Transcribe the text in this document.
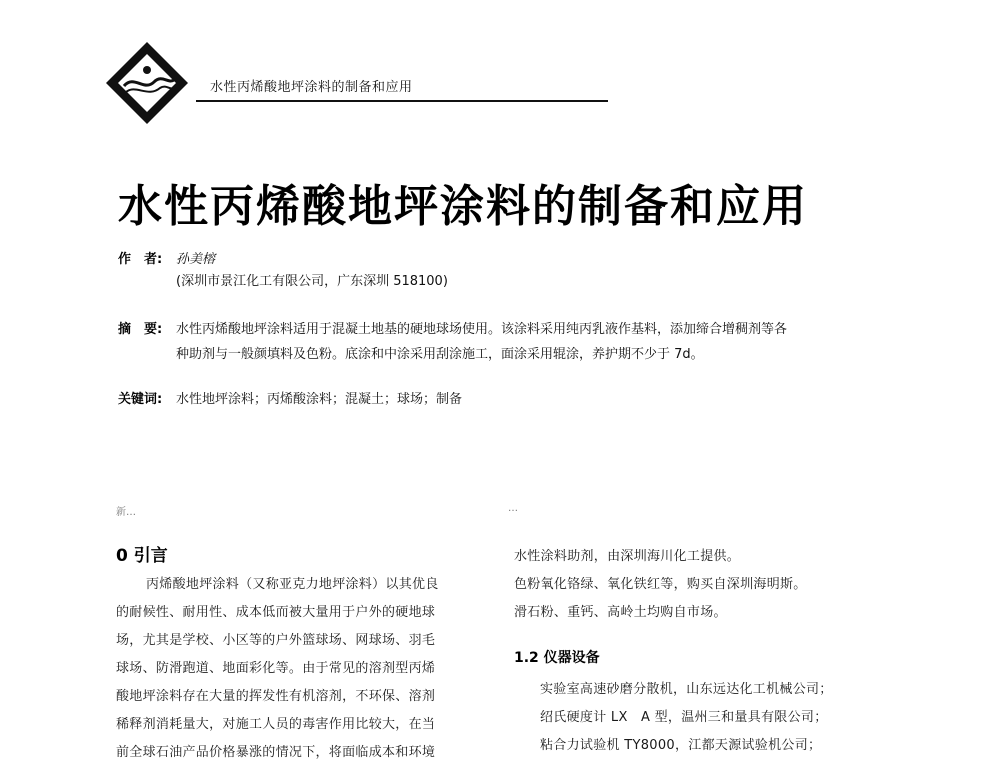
水性丙烯酸地坪涂料的制备和应用
水性丙烯酸地坪涂料的制备和应用
作　者: 孙美榕
(深圳市景江化工有限公司，广东深圳 518100)
摘　要: 水性丙烯酸地坪涂料适用于混凝土地基的硬地球场使用。该涂料采用纯丙乳液作基料，添加缔合增稠剂等各
种助剂与一般颜填料及色粉。底涂和中涂采用刮涂施工，面涂采用辊涂，养护期不少于 7d。
关键词: 水性地坪涂料；丙烯酸涂料；混凝土；球场；制备
新…	…
0 引言
丙烯酸地坪涂料（又称亚克力地坪涂料）以其优良
的耐候性、耐用性、成本低而被大量用于户外的硬地球
场，尤其是学校、小区等的户外篮球场、网球场、羽毛
球场、防滑跑道、地面彩化等。由于常见的溶剂型丙烯
酸地坪涂料存在大量的挥发性有机溶剂，不环保、溶剂
稀释剂消耗量大，对施工人员的毒害作用比较大，在当
前全球石油产品价格暴涨的情况下，将面临成本和环境
水性涂料助剂，由深圳海川化工提供。
色粉氧化铬绿、氧化铁红等，购买自深圳海明斯。
滑石粉、重钙、高岭土均购自市场。
1.2 仪器设备
实验室高速砂磨分散机，山东远达化工机械公司；
绍氏硬度计 LX　A 型，温州三和量具有限公司；
粘合力试验机 TY8000，江都天源试验机公司；
